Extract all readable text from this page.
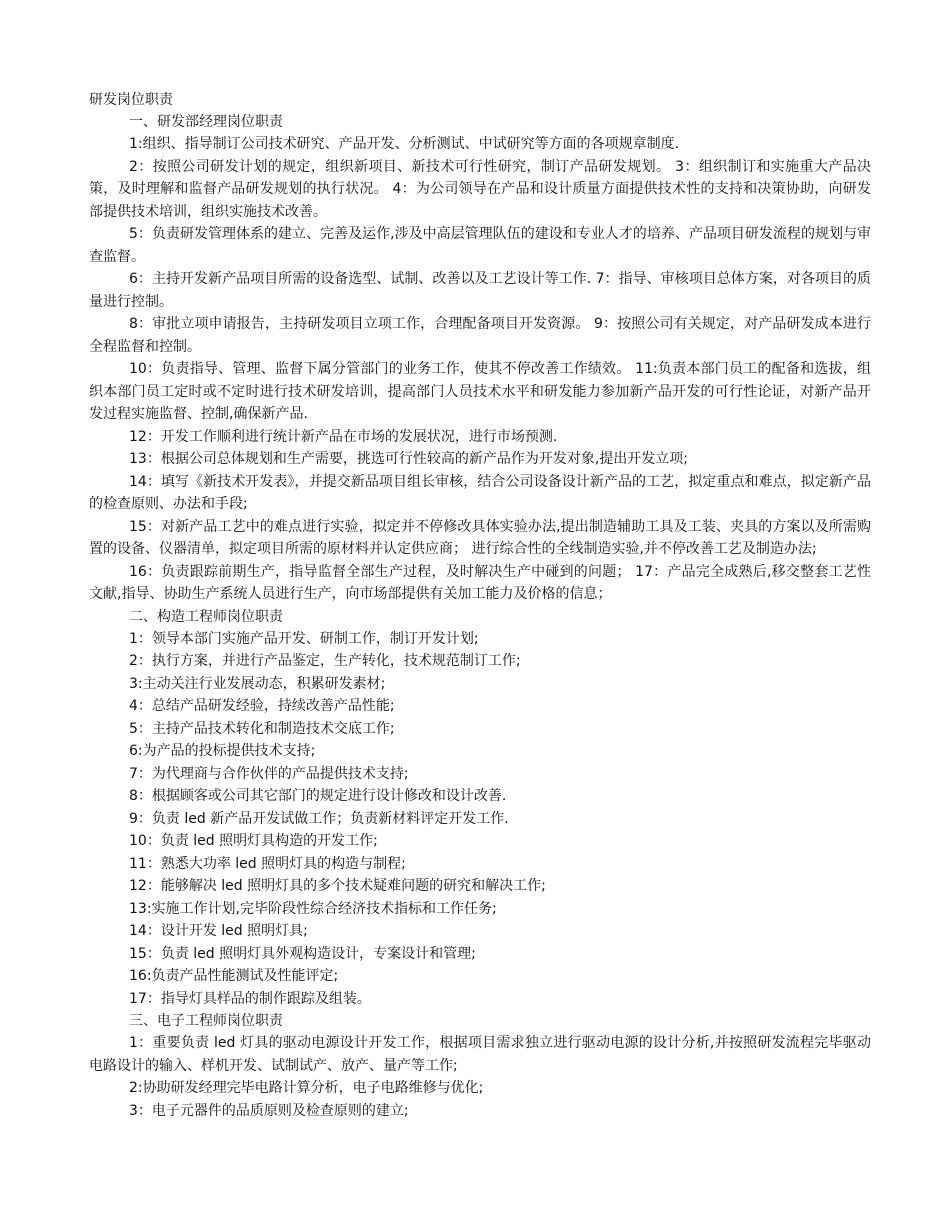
研发岗位职责

一、研发部经理岗位职责

1:组织、指导制订公司技术研究、产品开发、分析测试、中试研究等方面的各项规章制度.

2：按照公司研发计划的规定，组织新项目、新技术可行性研究，制订产品研发规划。 3：组织制订和实施重大产品决策，及时理解和监督产品研发规划的执行状况。 4：为公司领导在产品和设计质量方面提供技术性的支持和决策协助，向研发部提供技术培训，组织实施技术改善。

5：负责研发管理体系的建立、完善及运作,涉及中高层管理队伍的建设和专业人才的培养、产品项目研发流程的规划与审查监督。

6：主持开发新产品项目所需的设备选型、试制、改善以及工艺设计等工作. 7：指导、审核项目总体方案，对各项目的质量进行控制。

8：审批立项申请报告，主持研发项目立项工作，合理配备项目开发资源。 9：按照公司有关规定，对产品研发成本进行全程监督和控制。

10：负责指导、管理、监督下属分管部门的业务工作，使其不停改善工作绩效。 11:负责本部门员工的配备和选拔，组织本部门员工定时或不定时进行技术研发培训，提高部门人员技术水平和研发能力参加新产品开发的可行性论证，对新产品开发过程实施监督、控制,确保新产品.

12：开发工作顺利进行统计新产品在市场的发展状况，进行市场预测.

13：根据公司总体规划和生产需要，挑选可行性较高的新产品作为开发对象,提出开发立项;

14：填写《新技术开发表》，并提交新品项目组长审核，结合公司设备设计新产品的工艺，拟定重点和难点，拟定新产品的检查原则、办法和手段;

15：对新产品工艺中的难点进行实验，拟定并不停修改具体实验办法,提出制造辅助工具及工装、夹具的方案以及所需购置的设备、仪器清单，拟定项目所需的原材料并认定供应商； 进行综合性的全线制造实验,并不停改善工艺及制造办法;

16：负责跟踪前期生产，指导监督全部生产过程，及时解决生产中碰到的问题； 17：产品完全成熟后,移交整套工艺性文献,指导、协助生产系统人员进行生产，向市场部提供有关加工能力及价格的信息；

二、构造工程师岗位职责

1：领导本部门实施产品开发、研制工作，制订开发计划;

2：执行方案，并进行产品鉴定，生产转化，技术规范制订工作;

3:主动关注行业发展动态，积累研发素材;

4：总结产品研发经验，持续改善产品性能;

5：主持产品技术转化和制造技术交底工作;

6:为产品的投标提供技术支持;

7：为代理商与合作伙伴的产品提供技术支持;

8：根据顾客或公司其它部门的规定进行设计修改和设计改善.

9：负责 led 新产品开发试做工作；负责新材料评定开发工作.

10：负责 led 照明灯具构造的开发工作;

11：熟悉大功率 led 照明灯具的构造与制程;

12：能够解决 led 照明灯具的多个技术疑难问题的研究和解决工作;

13:实施工作计划,完毕阶段性综合经济技术指标和工作任务;

14：设计开发 led 照明灯具;

15：负责 led 照明灯具外观构造设计，专案设计和管理;

16:负责产品性能测试及性能评定;

17：指导灯具样品的制作跟踪及组装。

三、电子工程师岗位职责

1：重要负责 led 灯具的驱动电源设计开发工作，根据项目需求独立进行驱动电源的设计分析,并按照研发流程完毕驱动电路设计的输入、样机开发、试制试产、放产、量产等工作;

2:协助研发经理完毕电路计算分析，电子电路维修与优化;

3：电子元器件的品质原则及检查原则的建立;
